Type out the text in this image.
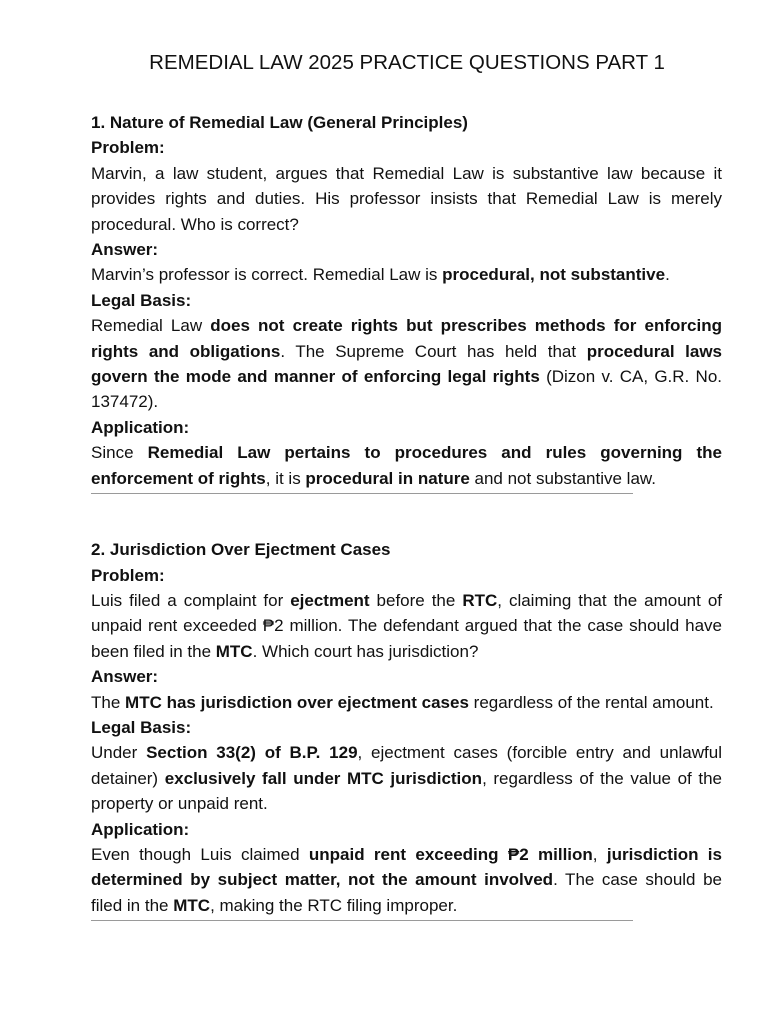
REMEDIAL LAW 2025 PRACTICE QUESTIONS PART 1

1. Nature of Remedial Law (General Principles)

Problem:

Marvin, a law student, argues that Remedial Law is substantive law because it provides rights and duties. His professor insists that Remedial Law is merely procedural. Who is correct?

Answer:

Marvin’s professor is correct. Remedial Law is procedural, not substantive.

Legal Basis:

Remedial Law does not create rights but prescribes methods for enforcing rights and obligations. The Supreme Court has held that procedural laws govern the mode and manner of enforcing legal rights (Dizon v. CA, G.R. No. 137472).

Application:

Since Remedial Law pertains to procedures and rules governing the enforcement of rights, it is procedural in nature and not substantive law.

2. Jurisdiction Over Ejectment Cases

Problem:

Luis filed a complaint for ejectment before the RTC, claiming that the amount of unpaid rent exceeded ₱2 million. The defendant argued that the case should have been filed in the MTC. Which court has jurisdiction?

Answer:

The MTC has jurisdiction over ejectment cases regardless of the rental amount.

Legal Basis:

Under Section 33(2) of B.P. 129, ejectment cases (forcible entry and unlawful detainer) exclusively fall under MTC jurisdiction, regardless of the value of the property or unpaid rent.

Application:

Even though Luis claimed unpaid rent exceeding ₱2 million, jurisdiction is determined by subject matter, not the amount involved. The case should be filed in the MTC, making the RTC filing improper.
